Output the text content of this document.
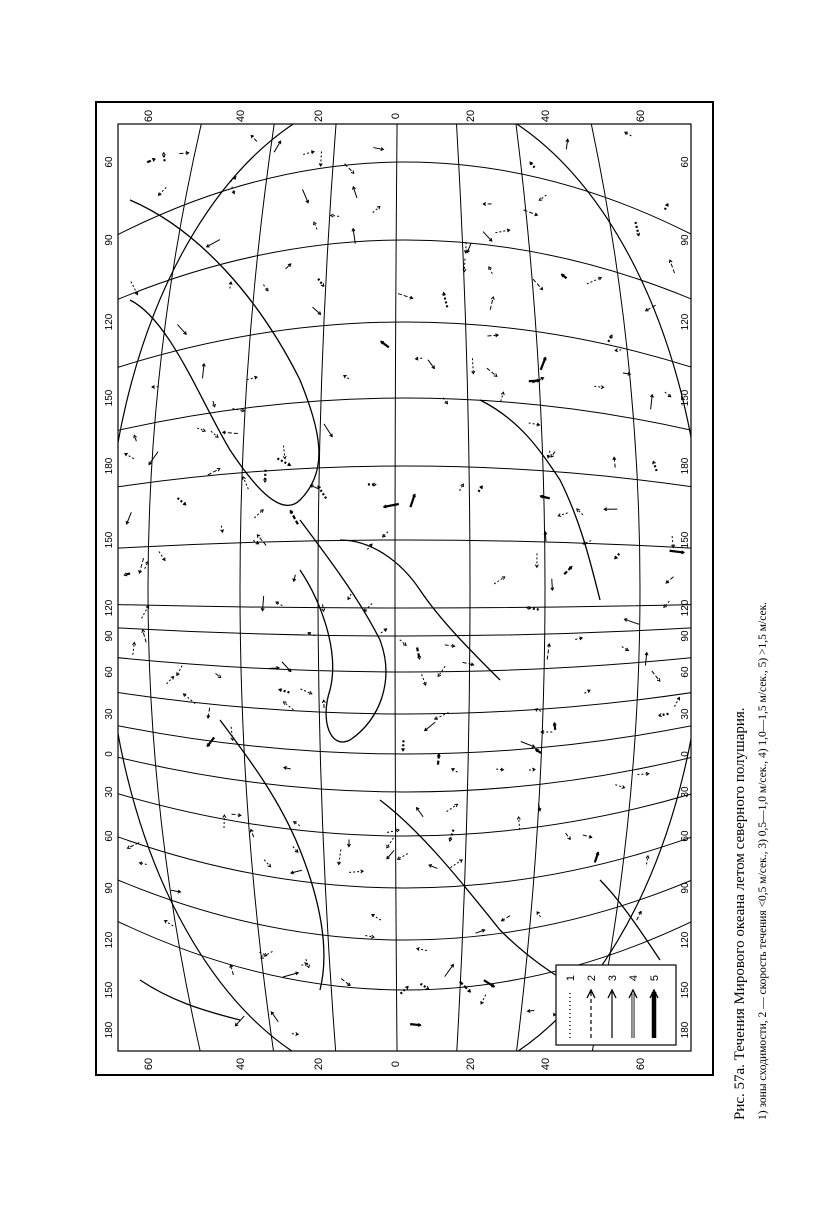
60	40	20	0	20	40	60
60	40	20	0	20	40	60
60
90
120
150
180
150
120
90
60
30
0
30
60
90
120
150
180
60
90
120
150
180
150
120
90
60
30
0
30
60
90
120
150
180
1 2 3 4 5	Рис. 57а. Течения Мирового океана летом северного полушария. 1) зоны сходимости, 2 — скорость течения <0,5 м/сек., 3) 0,5—1,0 м/сек., 4) 1,0—1,5 м/сек., 5) >1,5 м/сек.
